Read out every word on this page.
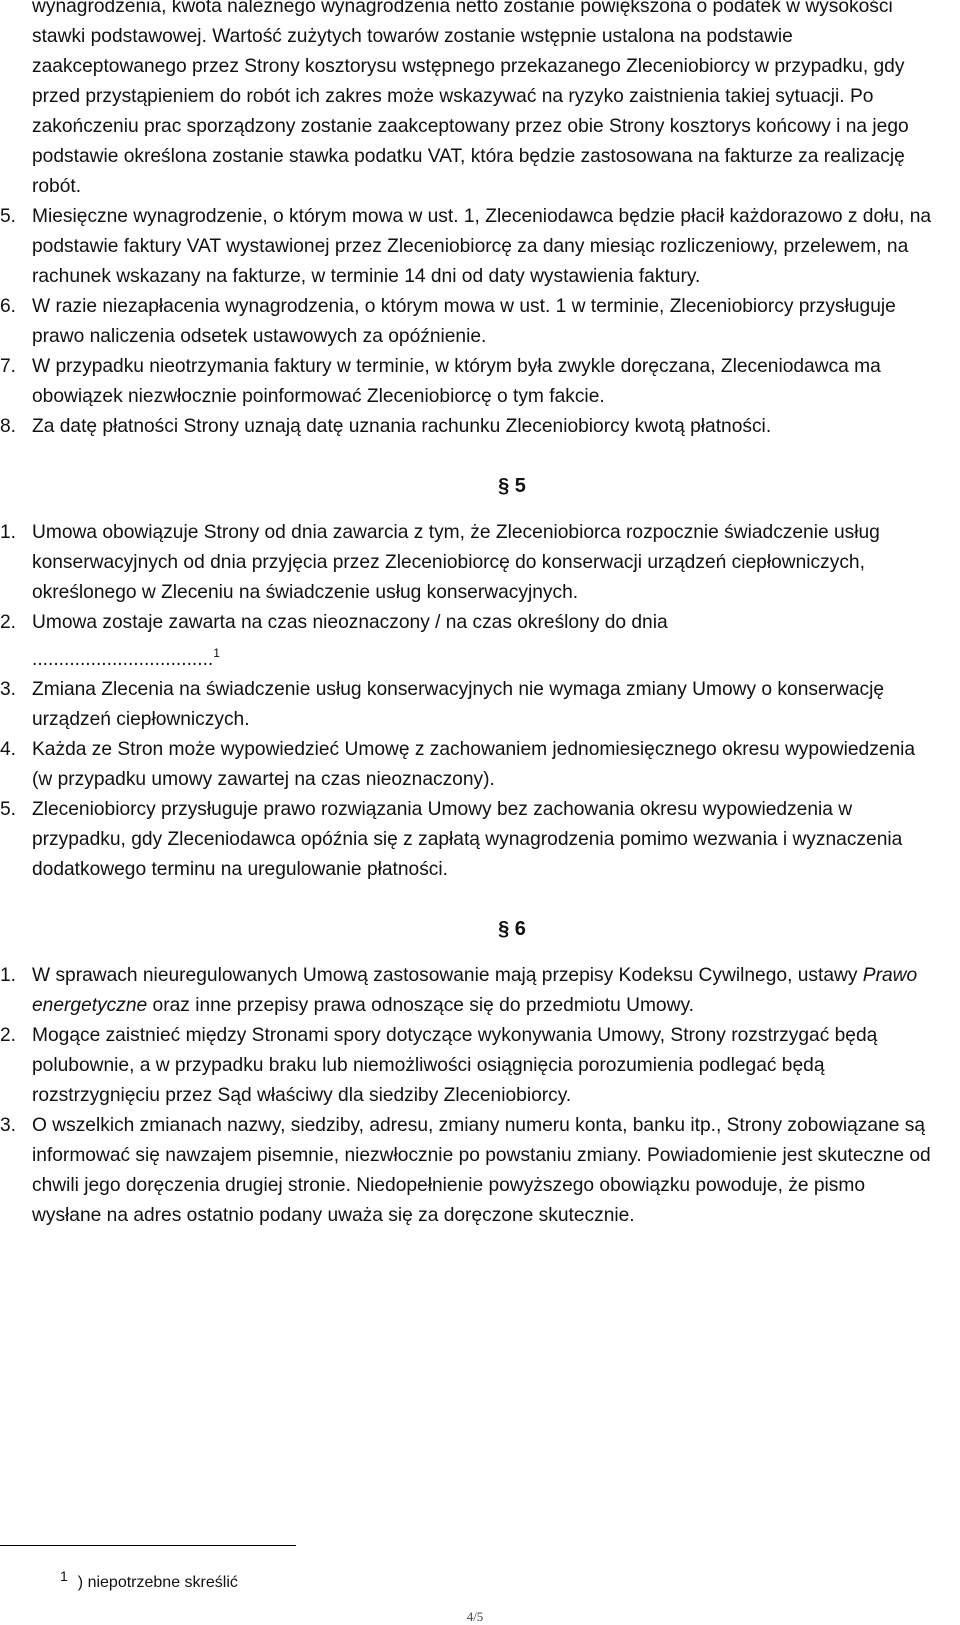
wynagrodzenia, kwota należnego wynagrodzenia netto zostanie powiększona o podatek w wysokości stawki podstawowej. Wartość zużytych towarów zostanie wstępnie ustalona na podstawie zaakceptowanego przez Strony kosztorysu wstępnego przekazanego Zleceniobiorcy w przypadku, gdy przed przystąpieniem do robót ich zakres może wskazywać na ryzyko zaistnienia takiej sytuacji. Po zakończeniu prac sporządzony zostanie zaakceptowany przez obie Strony kosztorys końcowy i na jego podstawie określona zostanie stawka podatku VAT, która będzie zastosowana na fakturze za realizację robót.

5. Miesięczne wynagrodzenie, o którym mowa w ust. 1, Zleceniodawca będzie płacił każdorazowo z dołu, na podstawie faktury VAT wystawionej przez Zleceniobiorcę za dany miesiąc rozliczeniowy, przelewem, na rachunek wskazany na fakturze, w terminie 14 dni od daty wystawienia faktury.

6. W razie niezapłacenia wynagrodzenia, o którym mowa w ust. 1 w terminie, Zleceniobiorcy przysługuje prawo naliczenia odsetek ustawowych za opóźnienie.

7. W przypadku nieotrzymania faktury w terminie, w którym była zwykle doręczana, Zleceniodawca ma obowiązek niezwłocznie poinformować Zleceniobiorcę o tym fakcie.

8. Za datę płatności Strony uznają datę uznania rachunku Zleceniobiorcy kwotą płatności.

§ 5

1. Umowa obowiązuje Strony od dnia zawarcia z tym, że Zleceniobiorca rozpocznie świadczenie usług konserwacyjnych od dnia przyjęcia przez Zleceniobiorcę do konserwacji urządzeń ciepłowniczych, określonego w Zleceniu na świadczenie usług konserwacyjnych.

2. Umowa zostaje zawarta na czas nieoznaczony / na czas określony do dnia
..................................$^1$

3. Zmiana Zlecenia na świadczenie usług konserwacyjnych nie wymaga zmiany Umowy o konserwację urządzeń ciepłowniczych.

4. Każda ze Stron może wypowiedzieć Umowę z zachowaniem jednomiesięcznego okresu wypowiedzenia (w przypadku umowy zawartej na czas nieoznaczony).

5. Zleceniobiorcy przysługuje prawo rozwiązania Umowy bez zachowania okresu wypowiedzenia w przypadku, gdy Zleceniodawca opóźnia się z zapłatą wynagrodzenia pomimo wezwania i wyznaczenia dodatkowego terminu na uregulowanie płatności.

§ 6

1. W sprawach nieuregulowanych Umową zastosowanie mają przepisy Kodeksu Cywilnego, ustawy Prawo energetyczne oraz inne przepisy prawa odnoszące się do przedmiotu Umowy.

2. Mogące zaistnieć między Stronami spory dotyczące wykonywania Umowy, Strony rozstrzygać będą polubownie, a w przypadku braku lub niemożliwości osiągnięcia porozumienia podlegać będą rozstrzygnięciu przez Sąd właściwy dla siedziby Zleceniobiorcy.

3. O wszelkich zmianach nazwy, siedziby, adresu, zmiany numeru konta, banku itp., Strony zobowiązane są informować się nawzajem pisemnie, niezwłocznie po powstaniu zmiany. Powiadomienie jest skuteczne od chwili jego doręczenia drugiej stronie. Niedopełnienie powyższego obowiązku powoduje, że pismo wysłane na adres ostatnio podany uważa się za doręczone skutecznie.

1 ) niepotrzebne skreślić
4/5
